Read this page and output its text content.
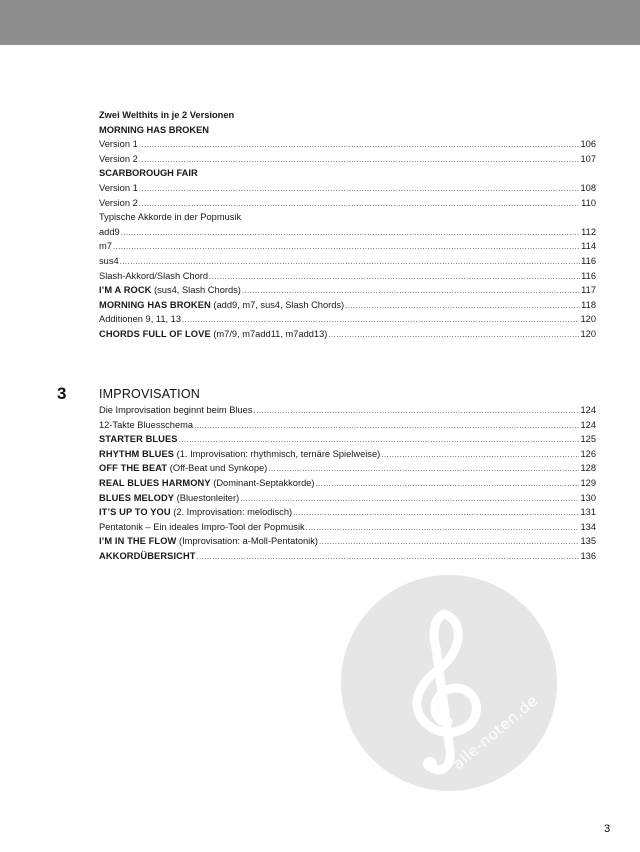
Zwei Welthits in je 2 Versionen
MORNING HAS BROKEN
Version 1 .....	106
Version 2 .....	107
SCARBOROUGH FAIR
Version 1 .....	108
Version 2 .....	110
Typische Akkorde in der Popmusik
add9 .....	112
m7 .....	114
sus4 .....	116
Slash-Akkord/Slash Chord .....	116
I’M A ROCK (sus4, Slash Chords) .....	117
MORNING HAS BROKEN (add9, m7, sus4, Slash Chords) .....	118
Additionen 9, 11, 13 .....	120
CHORDS FULL OF LOVE (m7/9, m7add11, m7add13) .....	120
3	IMPROVISATION
Die Improvisation beginnt beim Blues .....	124
12-Takte Bluesschema .....	124
STARTER BLUES .....	125
RHYTHM BLUES (1. Improvisation: rhythmisch, ternäre Spielweise) .....	126
OFF THE BEAT (Off-Beat und Synkope) .....	128
REAL BLUES HARMONY (Dominant-Septakkorde) .....	129
BLUES MELODY (Bluestonleiter) .....	130
IT’S UP TO YOU (2. Improvisation: melodisch) .....	131
Pentatonik – Ein ideales Impro-Tool der Popmusik .....	134
I’M IN THE FLOW (Improvisation: a-Moll-Pentatonik) .....	135
AKKORDÜBERSICHT .....	136
alle-noten.de
3
